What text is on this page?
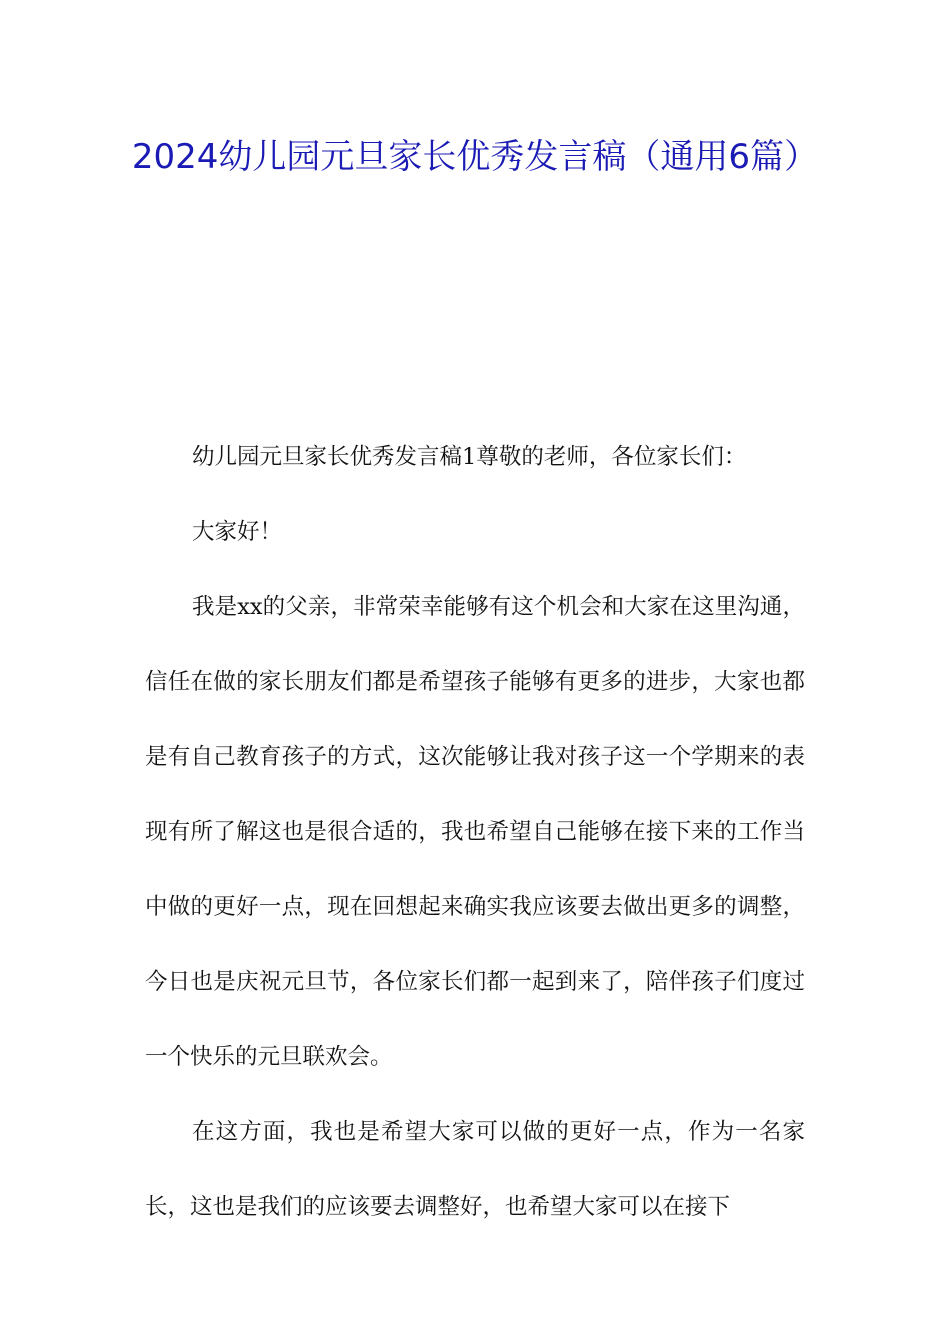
2024幼儿园元旦家长优秀发言稿（通用6篇）

幼儿园元旦家长优秀发言稿1尊敬的老师，各位家长们：

大家好！

我是xx的父亲，非常荣幸能够有这个机会和大家在这里沟通，信任在做的家长朋友们都是希望孩子能够有更多的进步，大家也都是有自己教育孩子的方式，这次能够让我对孩子这一个学期来的表现有所了解这也是很合适的，我也希望自己能够在接下来的工作当中做的更好一点，现在回想起来确实我应该要去做出更多的调整，今日也是庆祝元旦节，各位家长们都一起到来了，陪伴孩子们度过一个快乐的元旦联欢会。

在这方面，我也是希望大家可以做的更好一点，作为一名家长，这也是我们的应该要去调整好，也希望大家可以在接下
